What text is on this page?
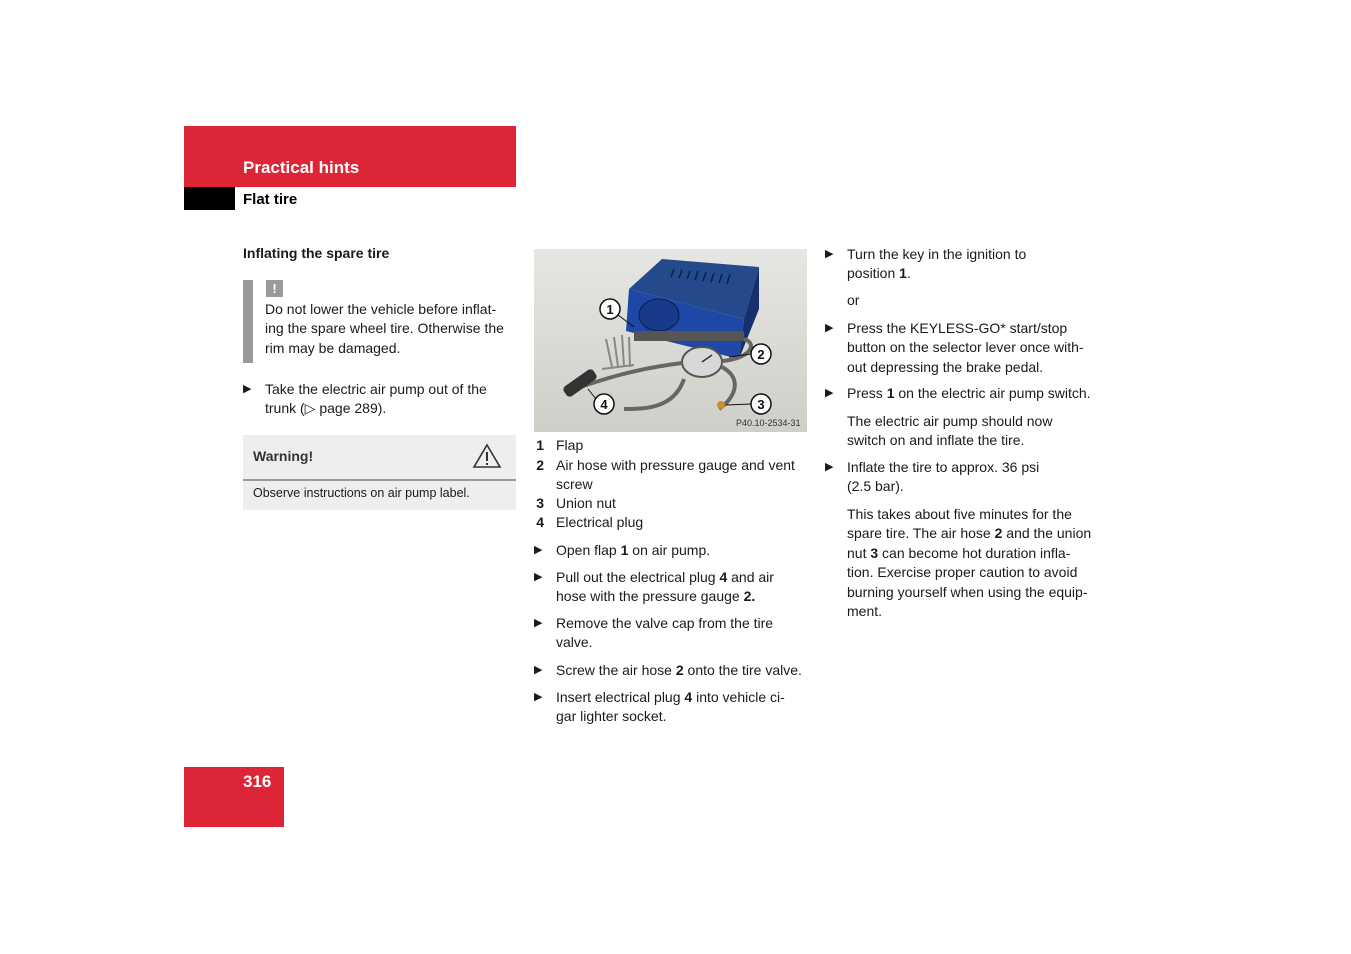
Practical hints
Flat tire
Inflating the spare tire
!
Do not lower the vehicle before inflat-
ing the spare wheel tire. Otherwise the
rim may be damaged.
▶ Take the electric air pump out of the
trunk (▷ page 289).
Warning!
Observe instructions on air pump label.
1
2
3
4
P40.10-2534-31
1 Flap
2 Air hose with pressure gauge and vent
screw
3 Union nut
4 Electrical plug
▶ Open flap 1 on air pump.
▶ Pull out the electrical plug 4 and air
hose with the pressure gauge 2.
▶ Remove the valve cap from the tire
valve.
▶ Screw the air hose 2 onto the tire valve.
▶ Insert electrical plug 4 into vehicle ci-
gar lighter socket.
▶ Turn the key in the ignition to
position 1.
or
▶ Press the KEYLESS-GO* start/stop
button on the selector lever once with-
out depressing the brake pedal.
▶ Press 1 on the electric air pump switch.
The electric air pump should now
switch on and inflate the tire.
▶ Inflate the tire to approx. 36 psi
(2.5 bar).
This takes about five minutes for the
spare tire. The air hose 2 and the union
nut 3 can become hot duration infla-
tion. Exercise proper caution to avoid
burning yourself when using the equip-
ment.
316
